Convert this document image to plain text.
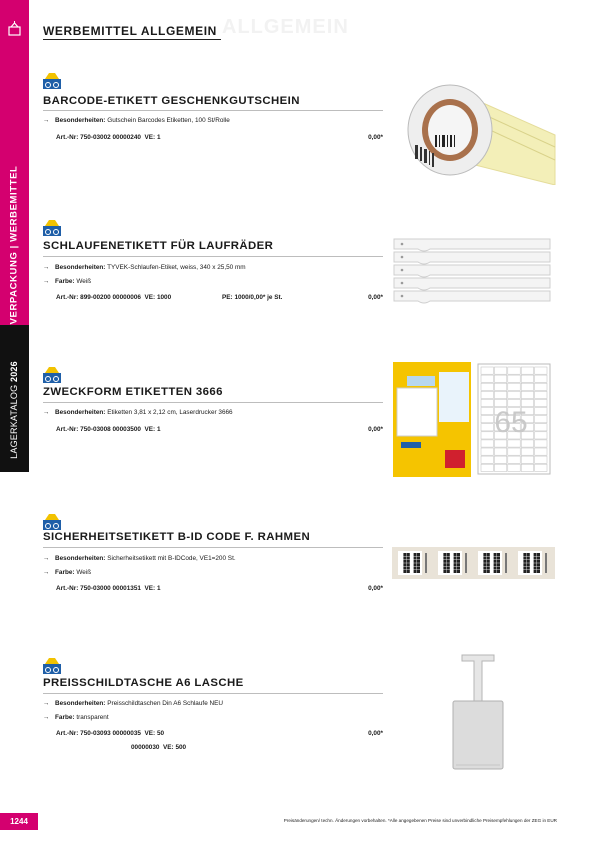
VERPACKUNG | WERBEMITTEL
LAGERKATALOG 2026
ALLGEMEIN
WERBEMITTEL ALLGEMEIN
BARCODE-ETIKETT GESCHENKGUTSCHEIN
→ Besonderheiten: Gutschein Barcodes Etiketten, 100 St/Rolle
Art.-Nr: 750-03002 00000240 VE: 1	0,00*
SCHLAUFENETIKETT FÜR LAUFRÄDER
→ Besonderheiten: TYVEK-Schlaufen-Etiket, weiss, 340 x 25,50 mm
→ Farbe: Weiß
Art.-Nr: 899-00200 00000006 VE: 1000	PE: 1000/0,00* je St.	0,00*
ZWECKFORM ETIKETTEN 3666
→ Besonderheiten: Etiketten 3,81 x 2,12 cm, Laserdrucker 3666
Art.-Nr: 750-03008 00003500 VE: 1	0,00*	65
SICHERHEITSETIKETT B-ID CODE F. RAHMEN
→ Besonderheiten: Sicherheitsetikett mit B-IDCode, VE1=200 St.
→ Farbe: Weiß
Art.-Nr: 750-03000 00001351 VE: 1	0,00*
PREISSCHILDTASCHE A6 LASCHE
→ Besonderheiten: Preisschildtaschen Din A6 Schlaufe NEU
→ Farbe: transparent
Art.-Nr: 750-03093 00000035 VE: 50	0,00*
00000030 VE: 500
1244	Preisänderungen/ techn. Änderungen vorbehalten. *Alle angegebenen Preise sind unverbindliche Preisempfehlungen der ZEG in EUR
